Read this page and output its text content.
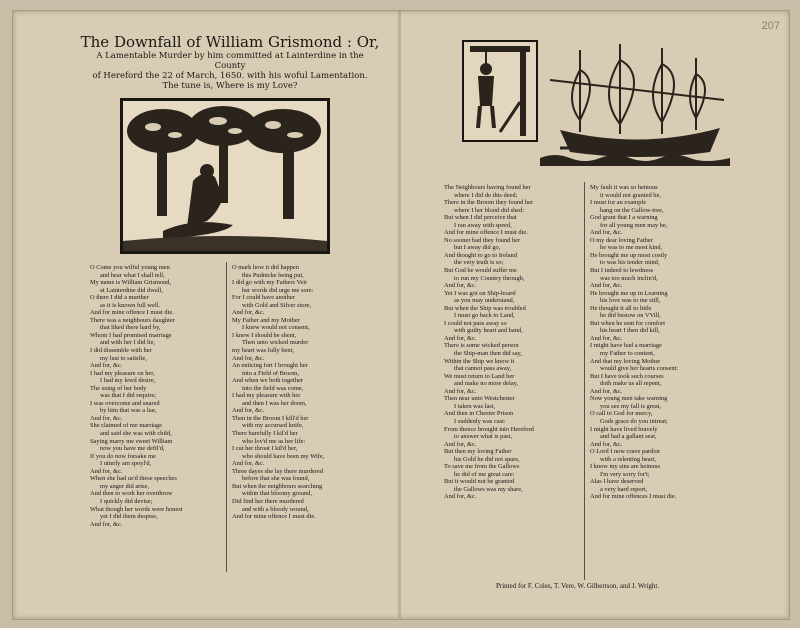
207
The Downfall of William Grismond : Or,
A Lamentable Murder by him committed at Lainterdine in the County
of Hereford the 22 of March, 1650. with his woful Lamentation.
The tune is, Where is my Love?
O Come you wilful young men
and hear what I shall tell,
My name is William Grismond,
at Lainterdine did dwell,
O there I did a murther
as it is known full well.
And for mine offence I must die.
There was a neighbours daughter
that liked there hard by,
Whom I had promised marriage
and with her I did lie,
I did dissemble with her
my lust to satisfie,
And for, &c.
I had my pleasure on her,
I had my lewd desire,
The using of her body
was that I did require;
I was overcome and snared
by him that was a liar,
And for, &c.
She claimed of me marriage
and said she was with child,
Saying marry me sweet William
now you have me defil'd,
If you do now forsake me
I utterly am spoyl'd,
And for, &c.
When she had us'd these speeches
my anger did arise,
And then to work her overthrow
I quickly did devise;
What though her words were honest
yet I did them despise,
And for, &c.
O mark how it did happen
this Pudnicke being put,
I did go with my Fathers Veir
her words did urge me sore:
For I could have another
with Gold and Silver store,
And for, &c.
My Father and my Mother
I knew would not consent,
I knew I should be shent,
Then unto wicked murder
my heart was fully bent,
And for, &c.
An enticing fort I brought her
into a Field of Broom,
And when we both together
into the field was come,
I had my pleasure with her
and then I was her doom,
And for, &c.
Then in the Broom I kill'd her
with my accursed knife,
There barefully I kil'd her
who lov'd me as her life:
I cut her throat I kil'd her,
who should have been my Wife,
And for, &c.
Three dayes she lay there murdered
before that she was found,
But when the neighbours searching
within that bloomy ground,
Did find her there murdered
and with a bloody wound,
And for mine offence I must die.
The Neighbours having found her
where I did do this deed;
There in the Broom they found her
where I her blood did shed:
But when I did perceive that
I ran away with speed,
And for mine offence I must die.
No sooner had they found her
but I away did go,
And thought to go to Ireland
the very truth is so;
But God he would suffer me
to run my Country through,
And for, &c.
Yet I was got on Ship-board
as you may understand,
But when the Ship was troubled
I must go back to Land,
I could not pass away so
with guilty heart and hand,
And for, &c.
There is some wicked person
the Ship-man then did say,
Within the Ship we know it
that cannot pass away,
We must return to Land her
and make no more delay,
And for, &c.
Then near unto Westchester
I taken was last,
And then in Chester Prison
I suddenly was cast:
From thence brought into Hereford
to answer what is past,
And for, &c.
But then my loving Father
his Gold he did not spare,
To save me from the Gallows
he did of me great care:
But it would not be granted
the Gallows was my share,
And for, &c.
My fault it was so heinous
it would not granted be,
I must for an example
hang on the Gallow-tree,
God grant that I a warning
for all young men may be,
And for, &c.
O my dear loving Father
he was to me most kind,
He brought me up most costly
to was his tender mind,
But I indeed to lewdness
was too much inclin'd,
And for, &c.
He brought me up in Learning
his love was to me still,
He thought it all to little
he did bestow on VVill,
But when he sent for comfort
his heart I then did kill,
And for, &c.
I might have had a marriage
my Father to content,
And that my loving Mother
would give her hearts consent:
But I have took such courses
doth make us all repent,
And for, &c.
Now young men take warning
you see my fall is great,
O call to God for mercy,
Gods grace do you intreat;
I might have lived bravely
and had a gallant seat,
And for, &c.
O Lord I now crave pardon
with a relenting heart,
I know my sins are heinous
I'm very sorry for't;
Alas I have deserved
a very hard report,
And for mine offences I must die.
Printed for F. Coles, T. Vere, W. Gilbertson, and J. Wright.
